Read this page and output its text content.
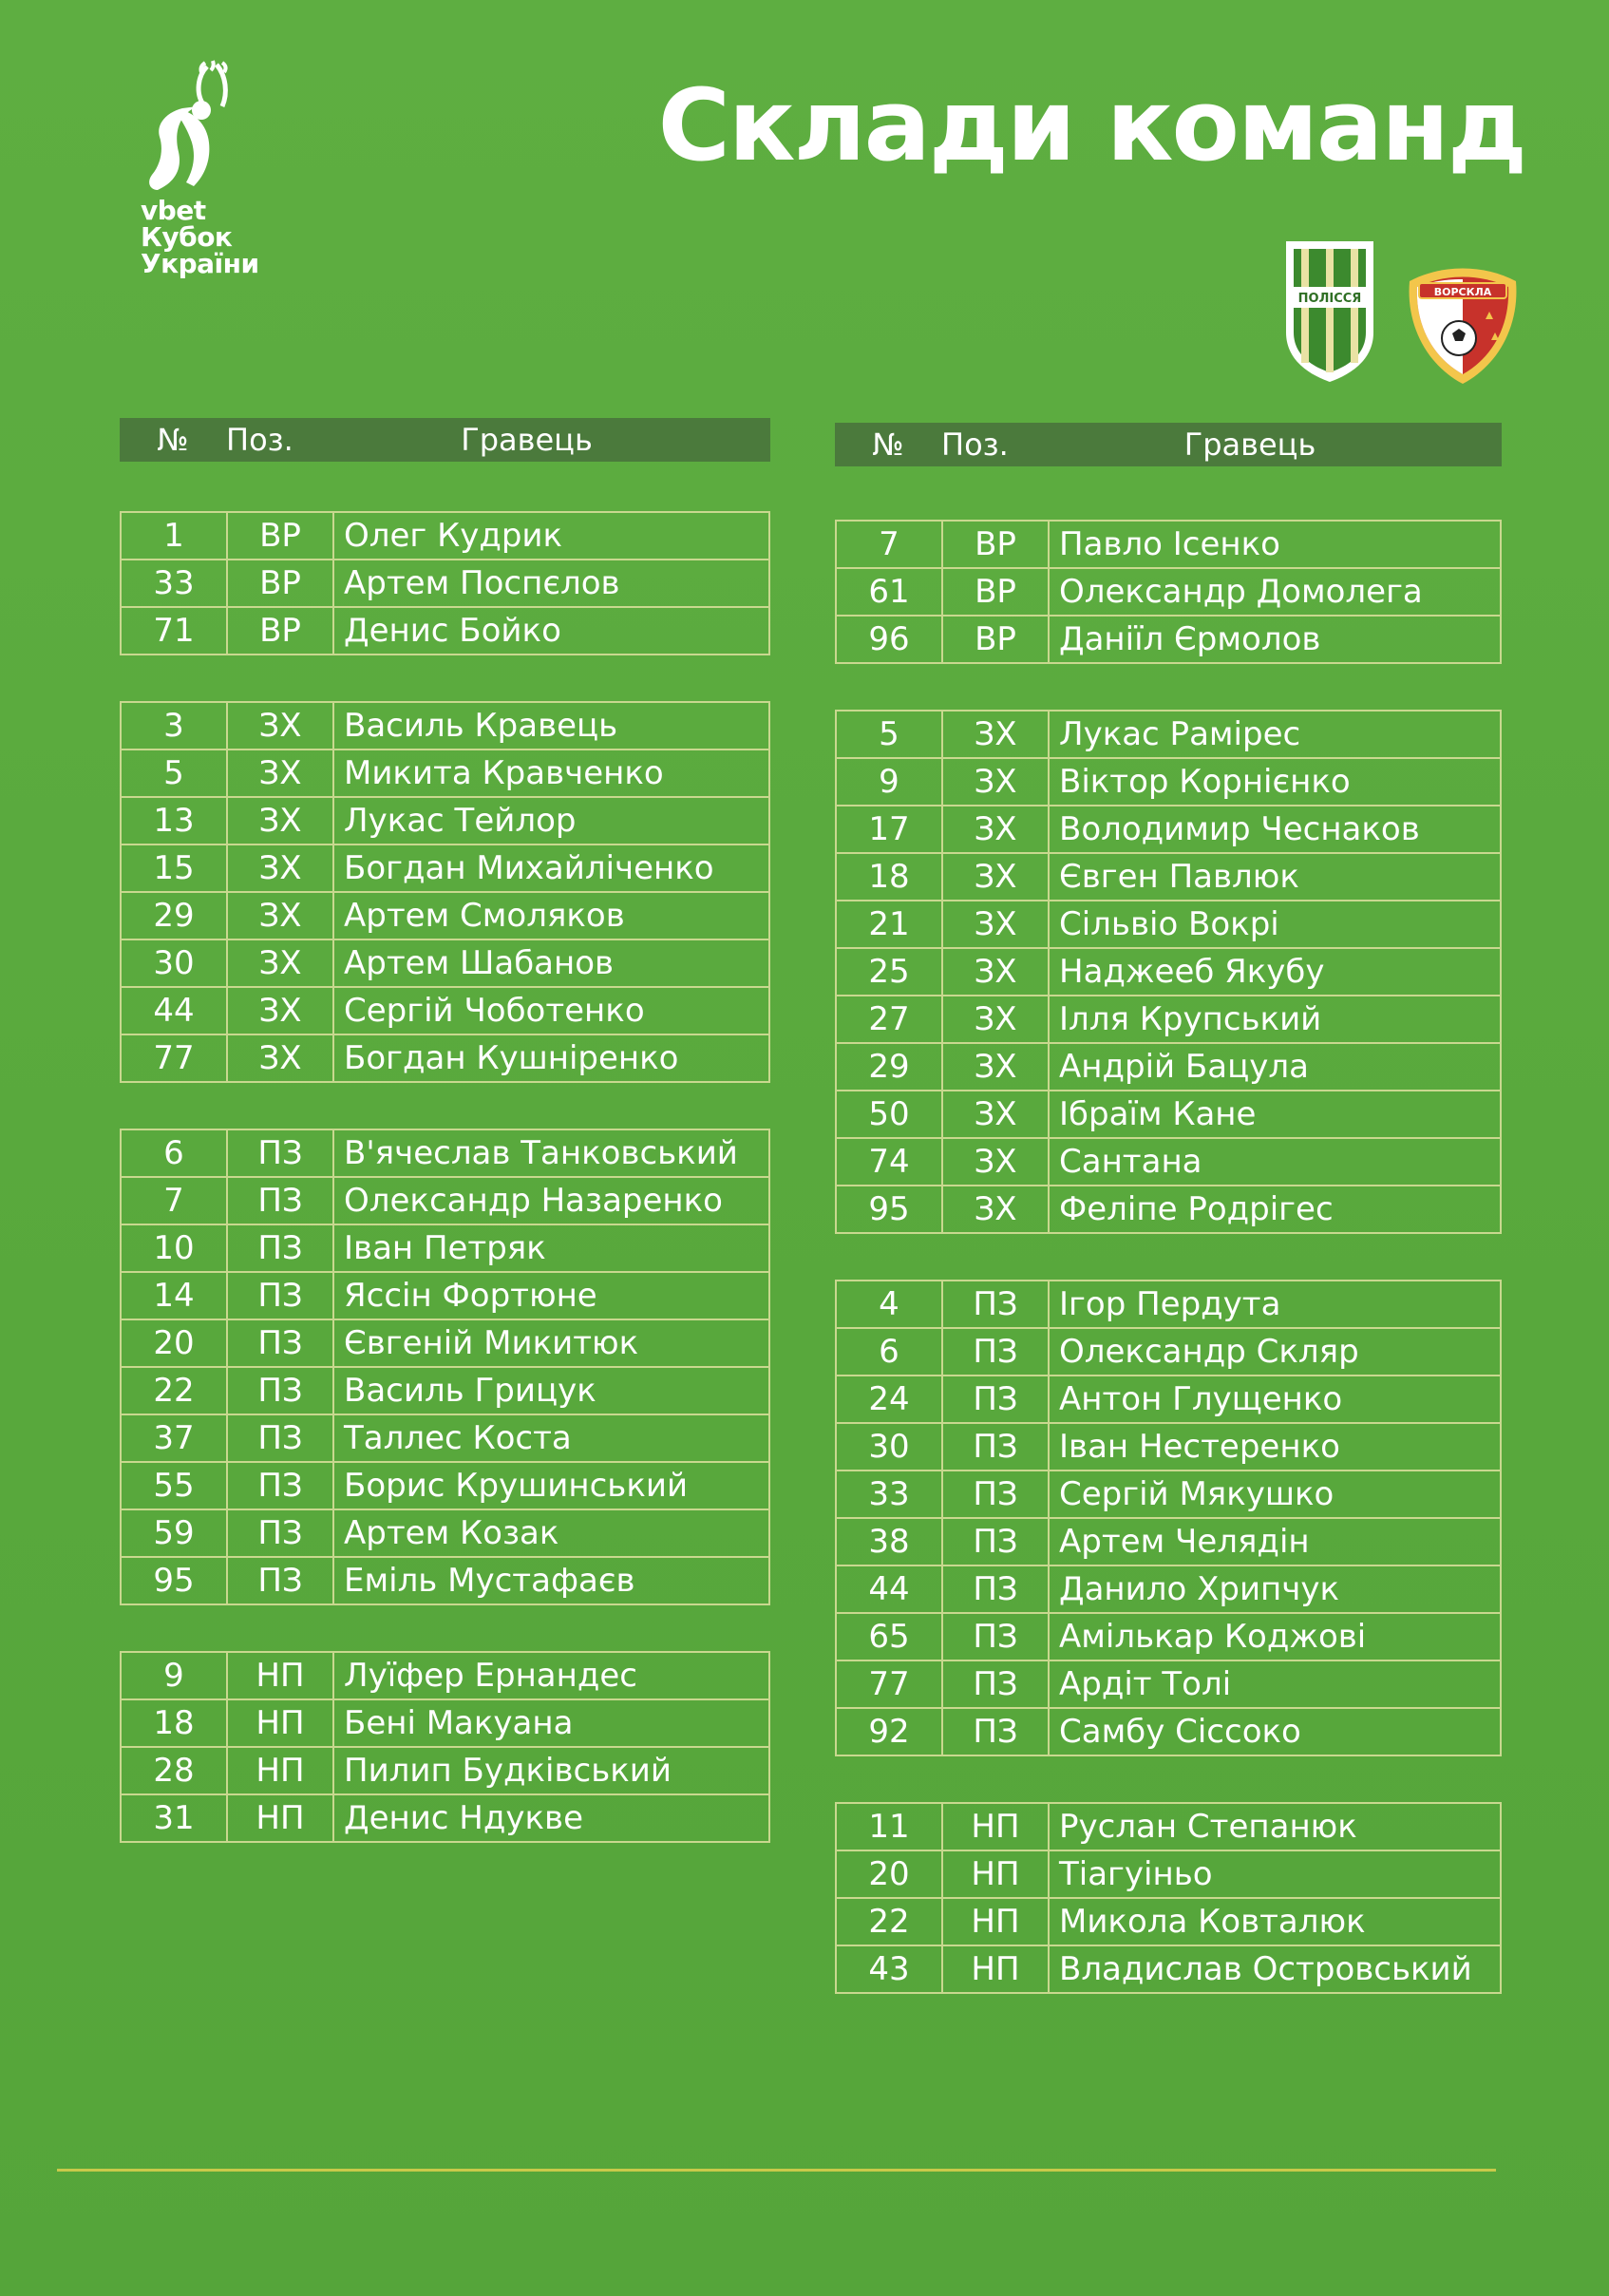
vbet
Кубок
України
Склади команд
ПОЛІССЯ	ВОРСКЛА
№	Поз.	Гравець
1	ВР	Олег Кудрик
33	ВР	Артем Поспєлов
71	ВР	Денис Бойко
3	ЗХ	Василь Кравець
5	ЗХ	Микита Кравченко
13	ЗХ	Лукас Тейлор
15	ЗХ	Богдан Михайліченко
29	ЗХ	Артем Смоляков
30	ЗХ	Артем Шабанов
44	ЗХ	Сергій Чоботенко
77	ЗХ	Богдан Кушніренко
6	ПЗ	В'ячеслав Танковський
7	ПЗ	Олександр Назаренко
10	ПЗ	Іван Петряк
14	ПЗ	Яссін Фортюне
20	ПЗ	Євгеній Микитюк
22	ПЗ	Василь Грицук
37	ПЗ	Таллес Коста
55	ПЗ	Борис Крушинський
59	ПЗ	Артем Козак
95	ПЗ	Еміль Мустафаєв
9	НП	Луїфер Ернандес
18	НП	Бені Макуана
28	НП	Пилип Будківський
31	НП	Денис Ндукве
№	Поз.	Гравець
7	ВР	Павло Ісенко
61	ВР	Олександр Домолега
96	ВР	Даніїл Єрмолов
5	ЗХ	Лукас Рамірес
9	ЗХ	Віктор Корнієнко
17	ЗХ	Володимир Чеснаков
18	ЗХ	Євген Павлюк
21	ЗХ	Сільвіо Вокрі
25	ЗХ	Наджееб Якубу
27	ЗХ	Ілля Крупський
29	ЗХ	Андрій Бацула
50	ЗХ	Ібраїм Кане
74	ЗХ	Сантана
95	ЗХ	Феліпе Родрігес
4	ПЗ	Ігор Пердута
6	ПЗ	Олександр Скляр
24	ПЗ	Антон Глущенко
30	ПЗ	Іван Нестеренко
33	ПЗ	Сергій Мякушко
38	ПЗ	Артем Челядін
44	ПЗ	Данило Хрипчук
65	ПЗ	Амількар Коджові
77	ПЗ	Ардіт Толі
92	ПЗ	Самбу Сіссоко
11	НП	Руслан Степанюк
20	НП	Тіагуіньо
22	НП	Микола Ковталюк
43	НП	Владислав Островський
